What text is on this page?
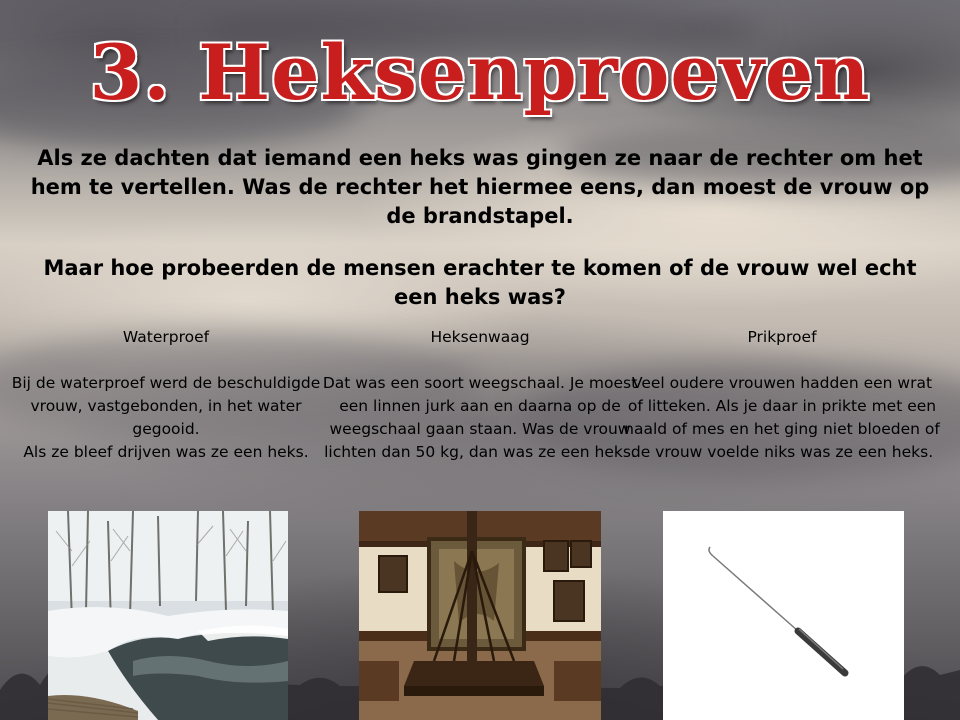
3. Heksenproeven

Als ze dachten dat iemand een heks was gingen ze naar de rechter om het hem te vertellen. Was de rechter het hiermee eens, dan moest de vrouw op de brandstapel.

Maar hoe probeerden de mensen erachter te komen of de vrouw wel echt een heks was?

Waterproef
Bij de waterproef werd de beschuldigde vrouw, vastgebonden, in het water gegooid.
Als ze bleef drijven was ze een heks.
Heksenwaag
Dat was een soort weegschaal. Je moest een linnen jurk aan en daarna op de weegschaal gaan staan. Was de vrouw lichten dan 50 kg, dan was ze een heks.
Prikproef
Veel oudere vrouwen hadden een wrat of litteken. Als je daar in prikte met een naald of mes en het ging niet bloeden of de vrouw voelde niks was ze een heks.
